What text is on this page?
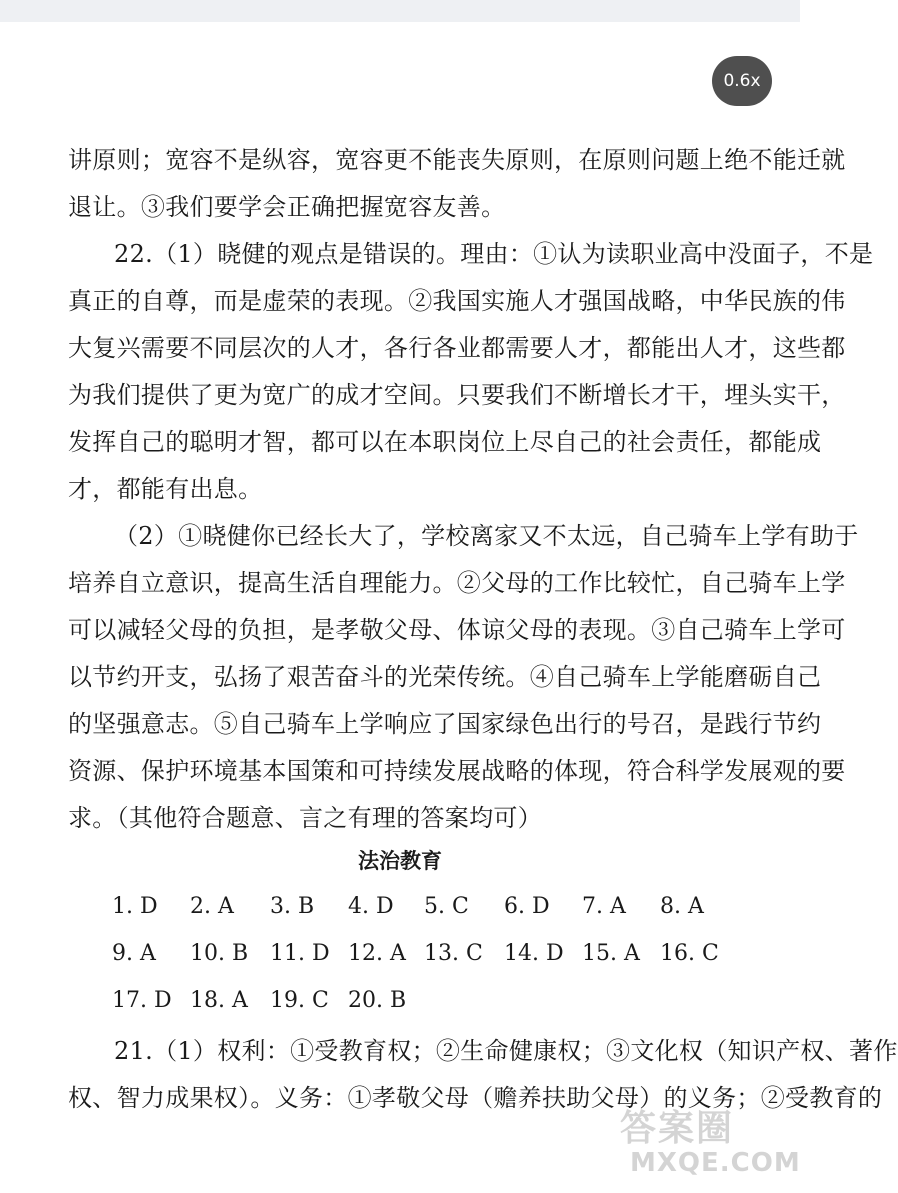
0.6x
讲原则；宽容不是纵容，宽容更不能丧失原则，在原则问题上绝不能迁就
退让。③我们要学会正确把握宽容友善。
22.（1）晓健的观点是错误的。理由：①认为读职业高中没面子，不是
真正的自尊，而是虚荣的表现。②我国实施人才强国战略，中华民族的伟
大复兴需要不同层次的人才，各行各业都需要人才，都能出人才，这些都
为我们提供了更为宽广的成才空间。只要我们不断增长才干，埋头实干，
发挥自己的聪明才智，都可以在本职岗位上尽自己的社会责任，都能成
才，都能有出息。
（2）①晓健你已经长大了，学校离家又不太远，自己骑车上学有助于
培养自立意识，提高生活自理能力。②父母的工作比较忙，自己骑车上学
可以减轻父母的负担，是孝敬父母、体谅父母的表现。③自己骑车上学可
以节约开支，弘扬了艰苦奋斗的光荣传统。④自己骑车上学能磨砺自己
的坚强意志。⑤自己骑车上学响应了国家绿色出行的号召，是践行节约
资源、保护环境基本国策和可持续发展战略的体现，符合科学发展观的要
求。（其他符合题意、言之有理的答案均可）
法治教育
1. D 2. A 3. B 4. D 5. C 6. D 7. A 8. A
9. A 10. B 11. D 12. A 13. C 14. D 15. A 16. C
17. D 18. A 19. C 20. B
21.（1）权利：①受教育权；②生命健康权；③文化权（知识产权、著作
权、智力成果权）。义务：①孝敬父母（赡养扶助父母）的义务；②受教育的
答案圈
MXQE.COM
